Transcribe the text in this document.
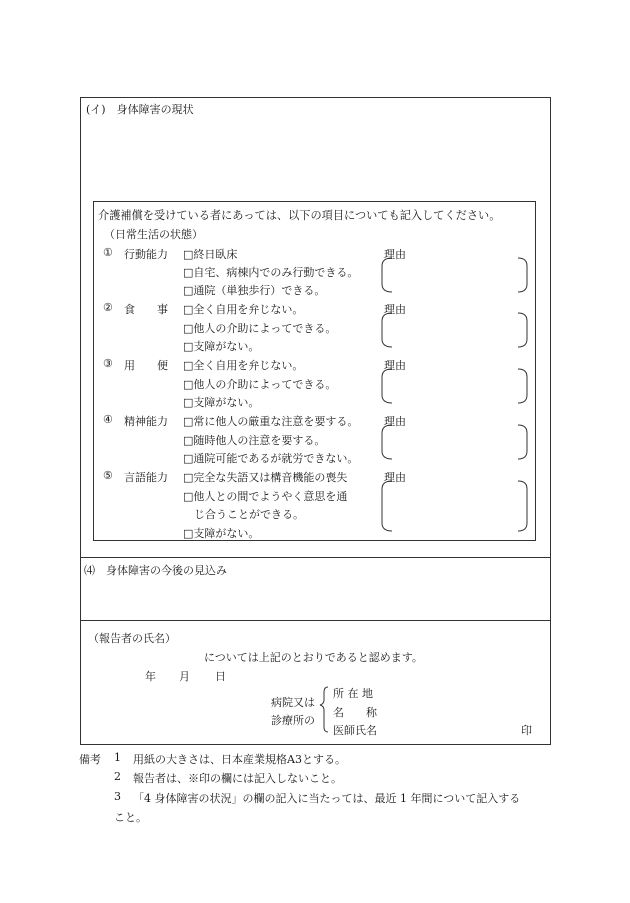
(イ)　身体障害の現状
介護補償を受けている者にあっては、以下の項目についても記入してください。
（日常生活の状態）
① 行動能力 □終日臥床
□自宅、病棟内でのみ行動できる。
□通院（単独歩行）できる。
理由
② 食　　事 □全く自用を弁じない。
□他人の介助によってできる。
□支障がない。
理由
③ 用　　便 □全く自用を弁じない。
□他人の介助によってできる。
□支障がない。
理由
④ 精神能力 □常に他人の厳重な注意を要する。
□随時他人の注意を要する。
□通院可能であるが就労できない。
理由
⑤ 言語能力 □完全な失語又は構音機能の喪失
□他人との間でようやく意思を通
　じ合うことができる。
□支障がない。
理由
⑷　身体障害の今後の見込み
（報告者の氏名）
については上記のとおりであると認めます。
年 月 日
病院又は
診療所の
所 在 地
名　　称
医師氏名	印
備考 1 用紙の大きさは、日本産業規格A3とする。
2 報告者は、※印の欄には記入しないこと。
3 「4 身体障害の状況」の欄の記入に当たっては、最近 1 年間について記入する
こと。
